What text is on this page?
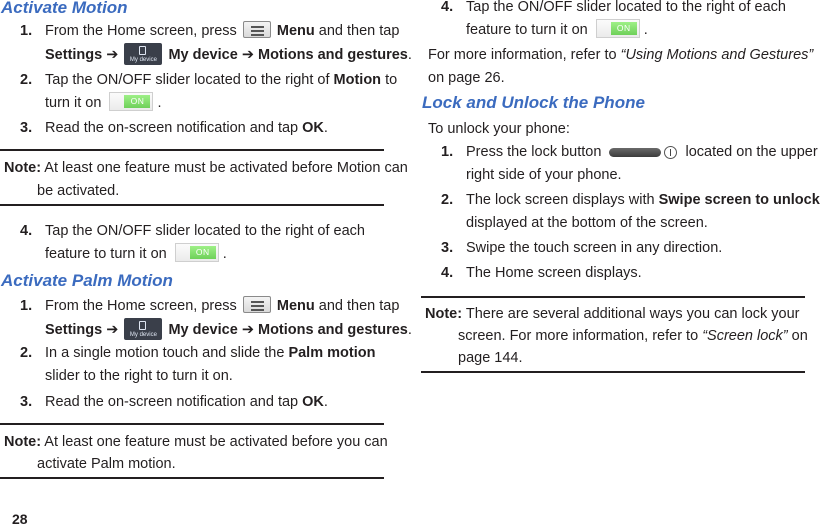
Activate Motion
1. From the Home screen, press	Menu and then tap
Settings ➔	My device My device ➔ Motions and gestures.
2. Tap the ON/OFF slider located to the right of Motion to
turn it on	ON .
3. Read the on-screen notification and tap OK.
Note: At least one feature must be activated before Motion can
be activated.
4. Tap the ON/OFF slider located to the right of each
feature to turn it on	ON .
Activate Palm Motion
1. From the Home screen, press	Menu and then tap
Settings ➔	My device My device ➔ Motions and gestures.
2. In a single motion touch and slide the Palm motion
slider to the right to turn it on.
3. Read the on-screen notification and tap OK.
Note: At least one feature must be activated before you can
activate Palm motion.
4. Tap the ON/OFF slider located to the right of each
feature to turn it on	ON .
For more information, refer to “Using Motions and Gestures”
on page 26.
Lock and Unlock the Phone
To unlock your phone:
1. Press the lock button	located on the upper
right side of your phone.
2. The lock screen displays with Swipe screen to unlock
displayed at the bottom of the screen.
3. Swipe the touch screen in any direction.
4. The Home screen displays.
Note: There are several additional ways you can lock your
screen. For more information, refer to “Screen lock” on
page 144.
28
